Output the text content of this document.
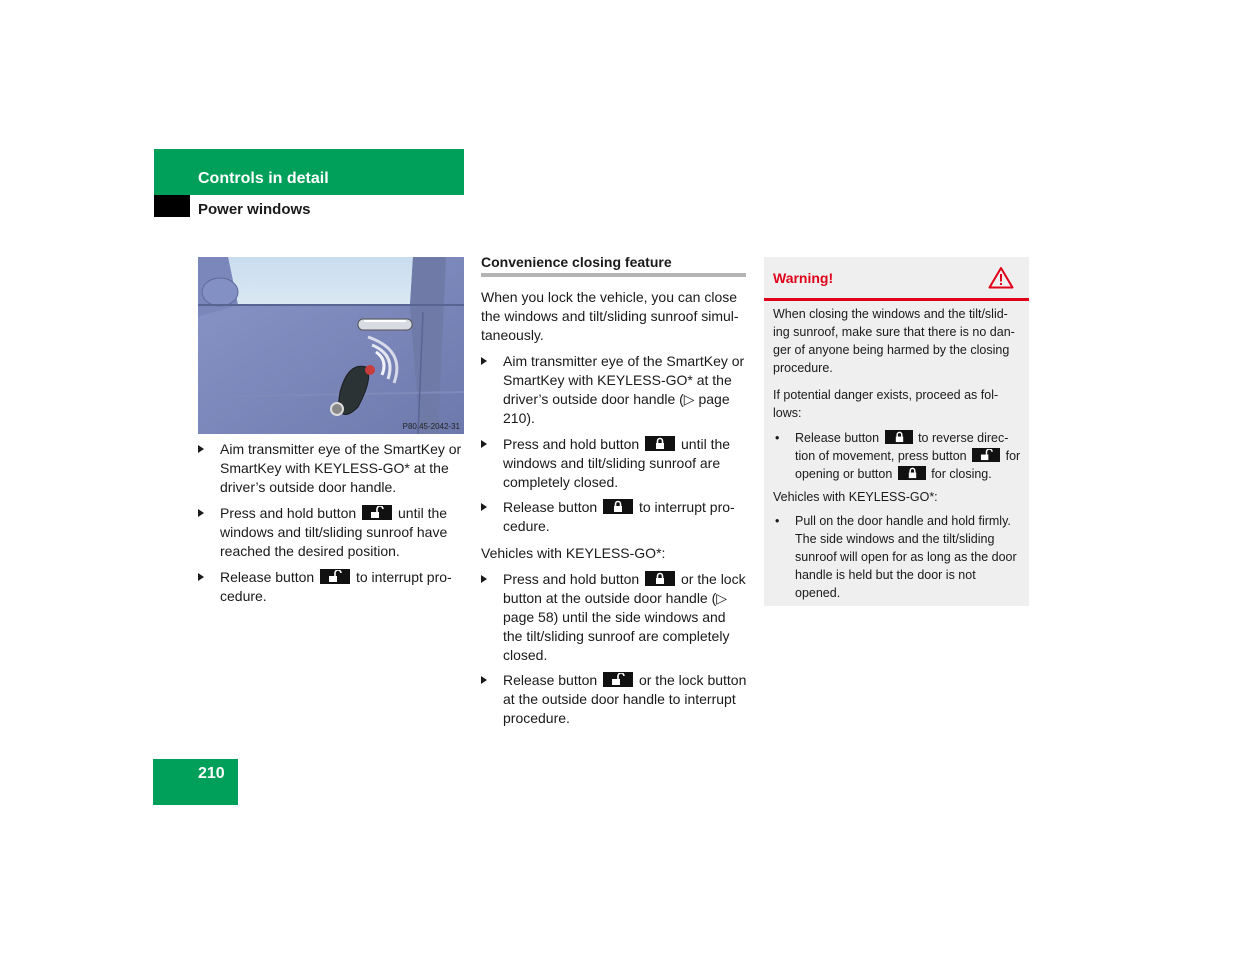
Controls in detail
Power windows
P80.45-2042-31
Aim transmitter eye of the SmartKey or SmartKey with KEYLESS-GO* at the driver’s outside door handle.
Press and hold button	until the windows and tilt/sliding sunroof have reached the desired position.
Release button	to interrupt pro-cedure.
Convenience closing feature
When you lock the vehicle, you can close the windows and tilt/sliding sunroof simul-taneously.
Aim transmitter eye of the SmartKey or SmartKey with KEYLESS-GO* at the driver’s outside door handle (▷ page 210).
Press and hold button	until the windows and tilt/sliding sunroof are completely closed.
Release button	to interrupt pro-cedure.
Vehicles with KEYLESS-GO*:
Press and hold button	or the lock button at the outside door handle (▷ page 58) until the side windows and the tilt/sliding sunroof are completely closed.
Release button	or the lock button at the outside door handle to interrupt procedure.
Warning!
When closing the windows and the tilt/slid-ing sunroof, make sure that there is no dan-ger of anyone being harmed by the closing procedure.
If potential danger exists, proceed as fol-lows:
• Release button	to reverse direc-tion of movement, press button	for opening or button	for closing.
Vehicles with KEYLESS-GO*:
• Pull on the door handle and hold firmly. The side windows and the tilt/sliding sunroof will open for as long as the door handle is held but the door is not opened.
210
